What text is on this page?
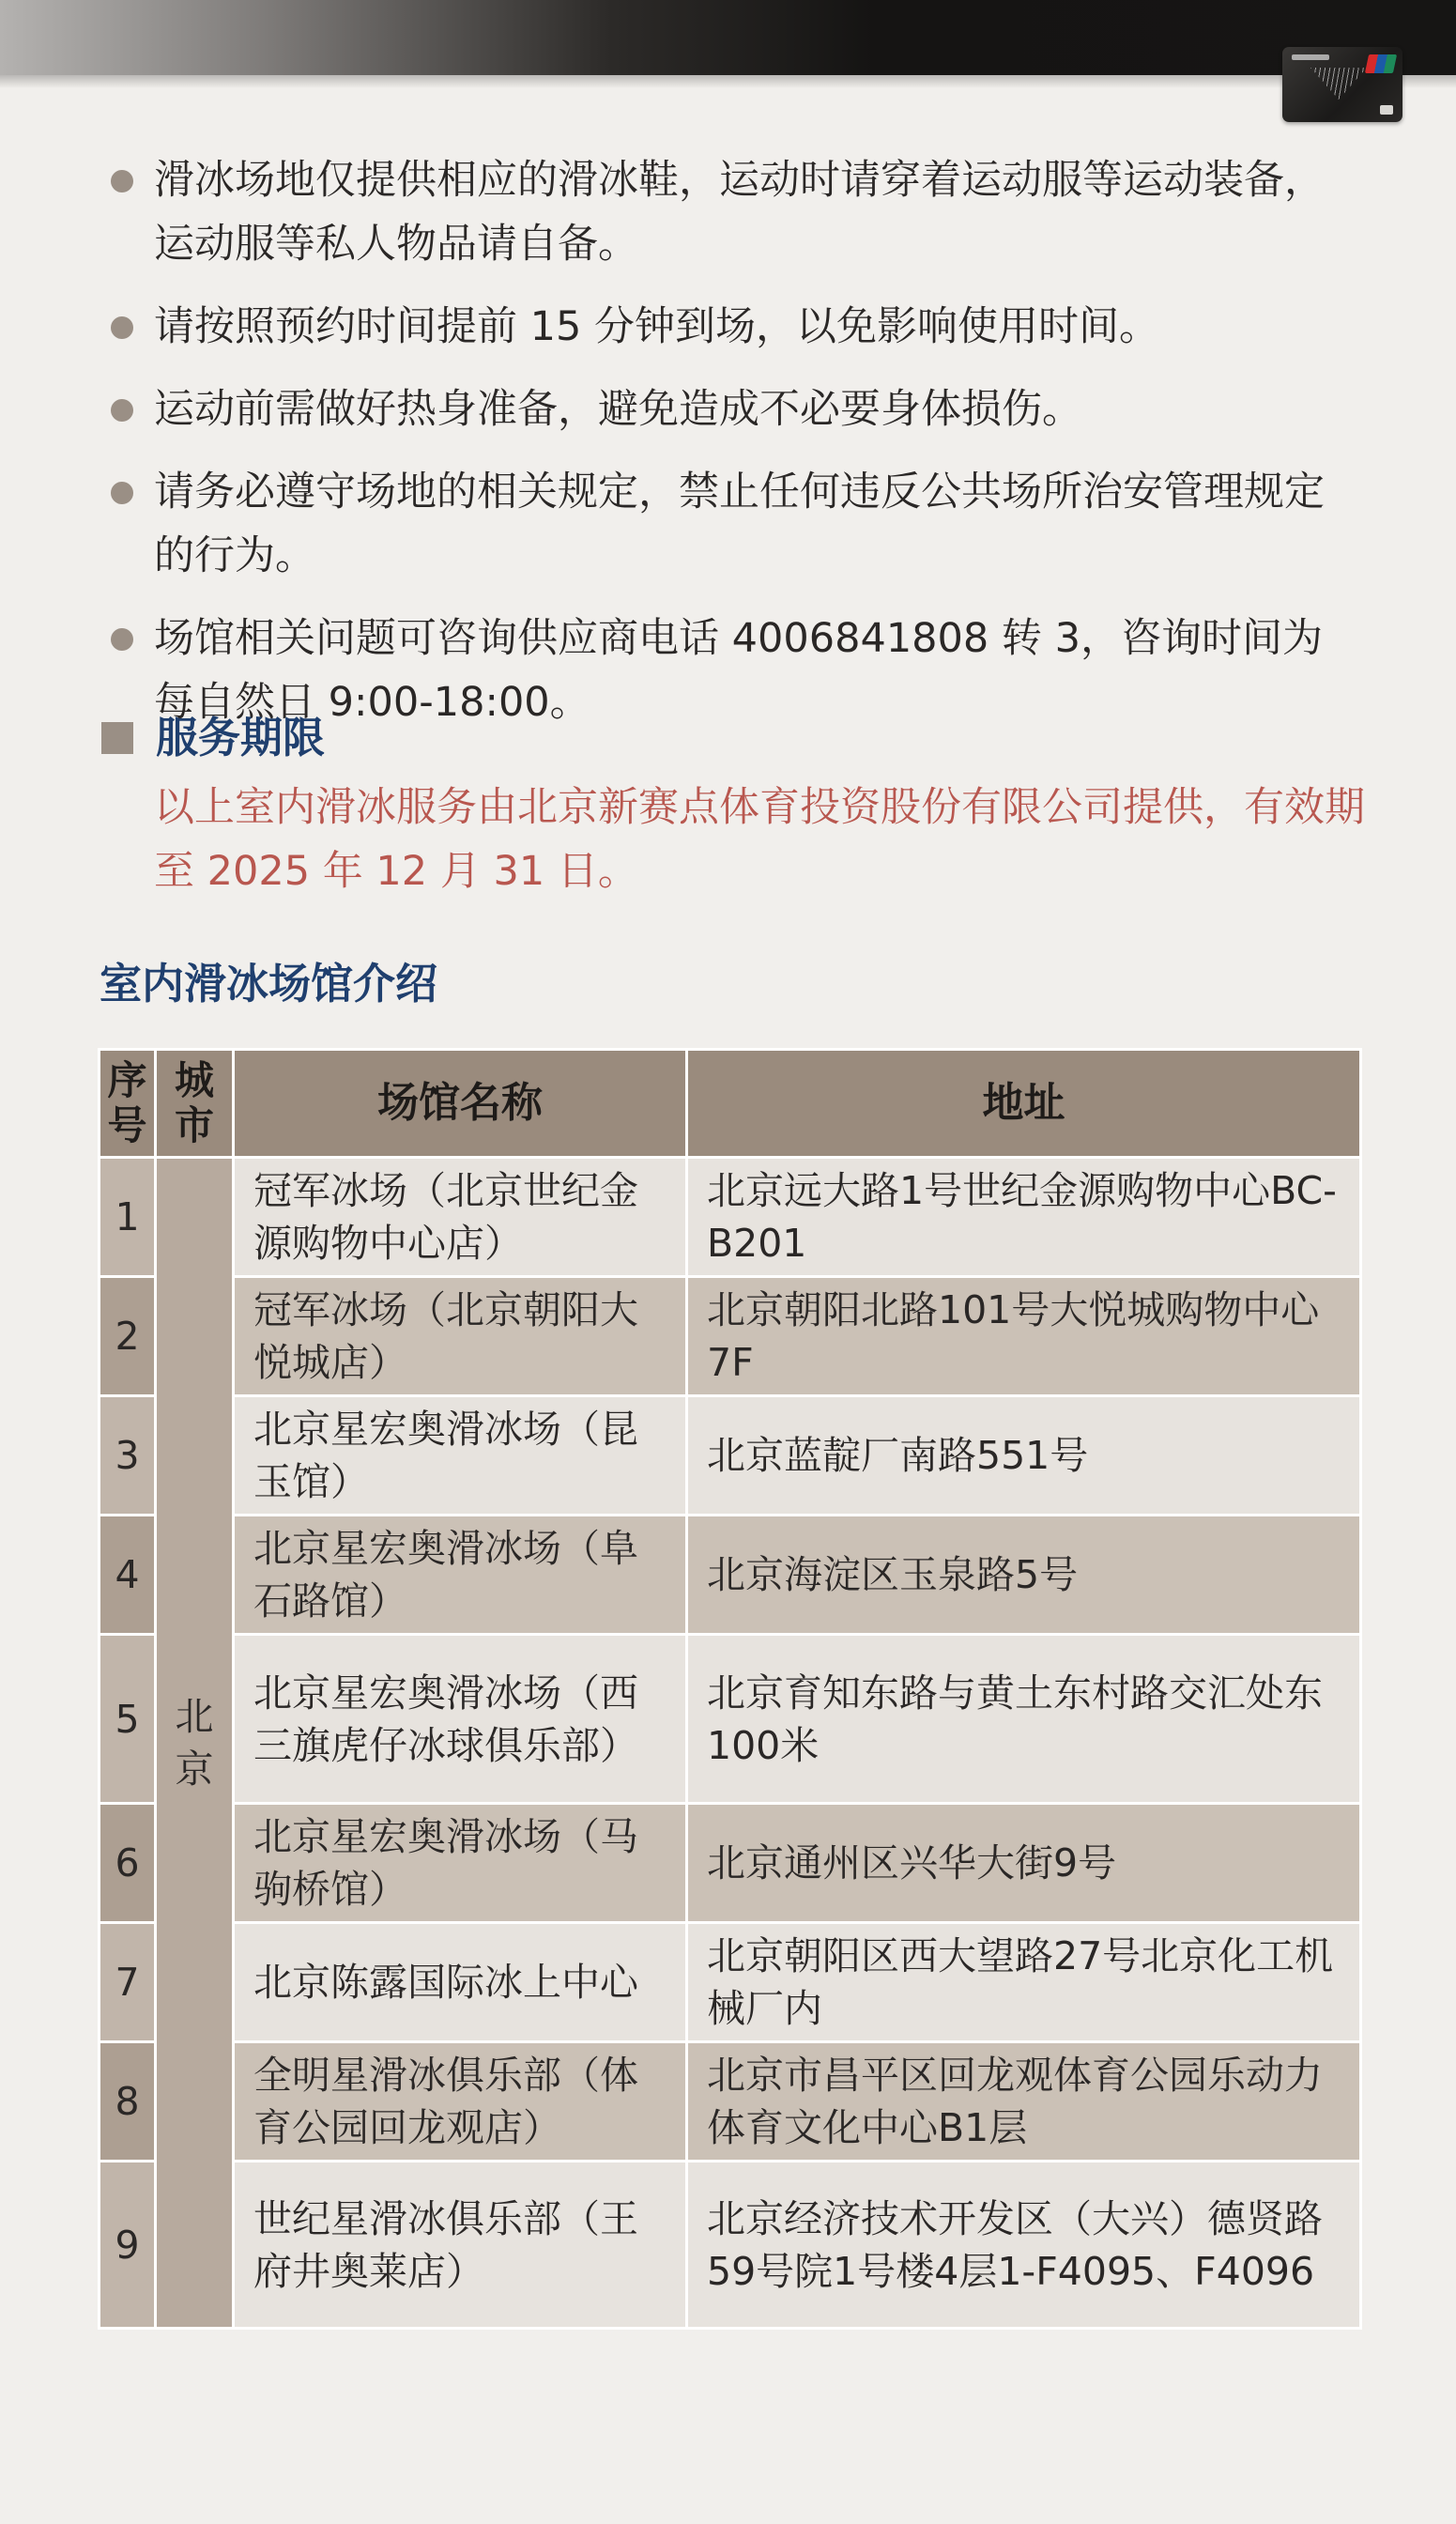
滑冰场地仅提供相应的滑冰鞋，运动时请穿着运动服等运动装备，运动服等私人物品请自备。
请按照预约时间提前 15 分钟到场，以免影响使用时间。
运动前需做好热身准备，避免造成不必要身体损伤。
请务必遵守场地的相关规定，禁止任何违反公共场所治安管理规定的行为。
场馆相关问题可咨询供应商电话 4006841808 转 3，咨询时间为每自然日 9:00-18:00。
服务期限
以上室内滑冰服务由北京新赛点体育投资股份有限公司提供，有效期至 2025 年 12 月 31 日。
室内滑冰场馆介绍
序号	城市	场馆名称	地址
1	北京	冠军冰场（北京世纪金源购物中心店）	北京远大路1号世纪金源购物中心BC-B201
2		冠军冰场（北京朝阳大悦城店）	北京朝阳北路101号大悦城购物中心7F
3		北京星宏奥滑冰场（昆玉馆）	北京蓝靛厂南路551号
4		北京星宏奥滑冰场（阜石路馆）	北京海淀区玉泉路5号
5		北京星宏奥滑冰场（西三旗虎仔冰球俱乐部）	北京育知东路与黄土东村路交汇处东100米
6		北京星宏奥滑冰场（马驹桥馆）	北京通州区兴华大街9号
7		北京陈露国际冰上中心	北京朝阳区西大望路27号北京化工机械厂内
8		全明星滑冰俱乐部（体育公园回龙观店）	北京市昌平区回龙观体育公园乐动力体育文化中心B1层
9		世纪星滑冰俱乐部（王府井奥莱店）	北京经济技术开发区（大兴）德贤路59号院1号楼4层1-F4095、F4096
